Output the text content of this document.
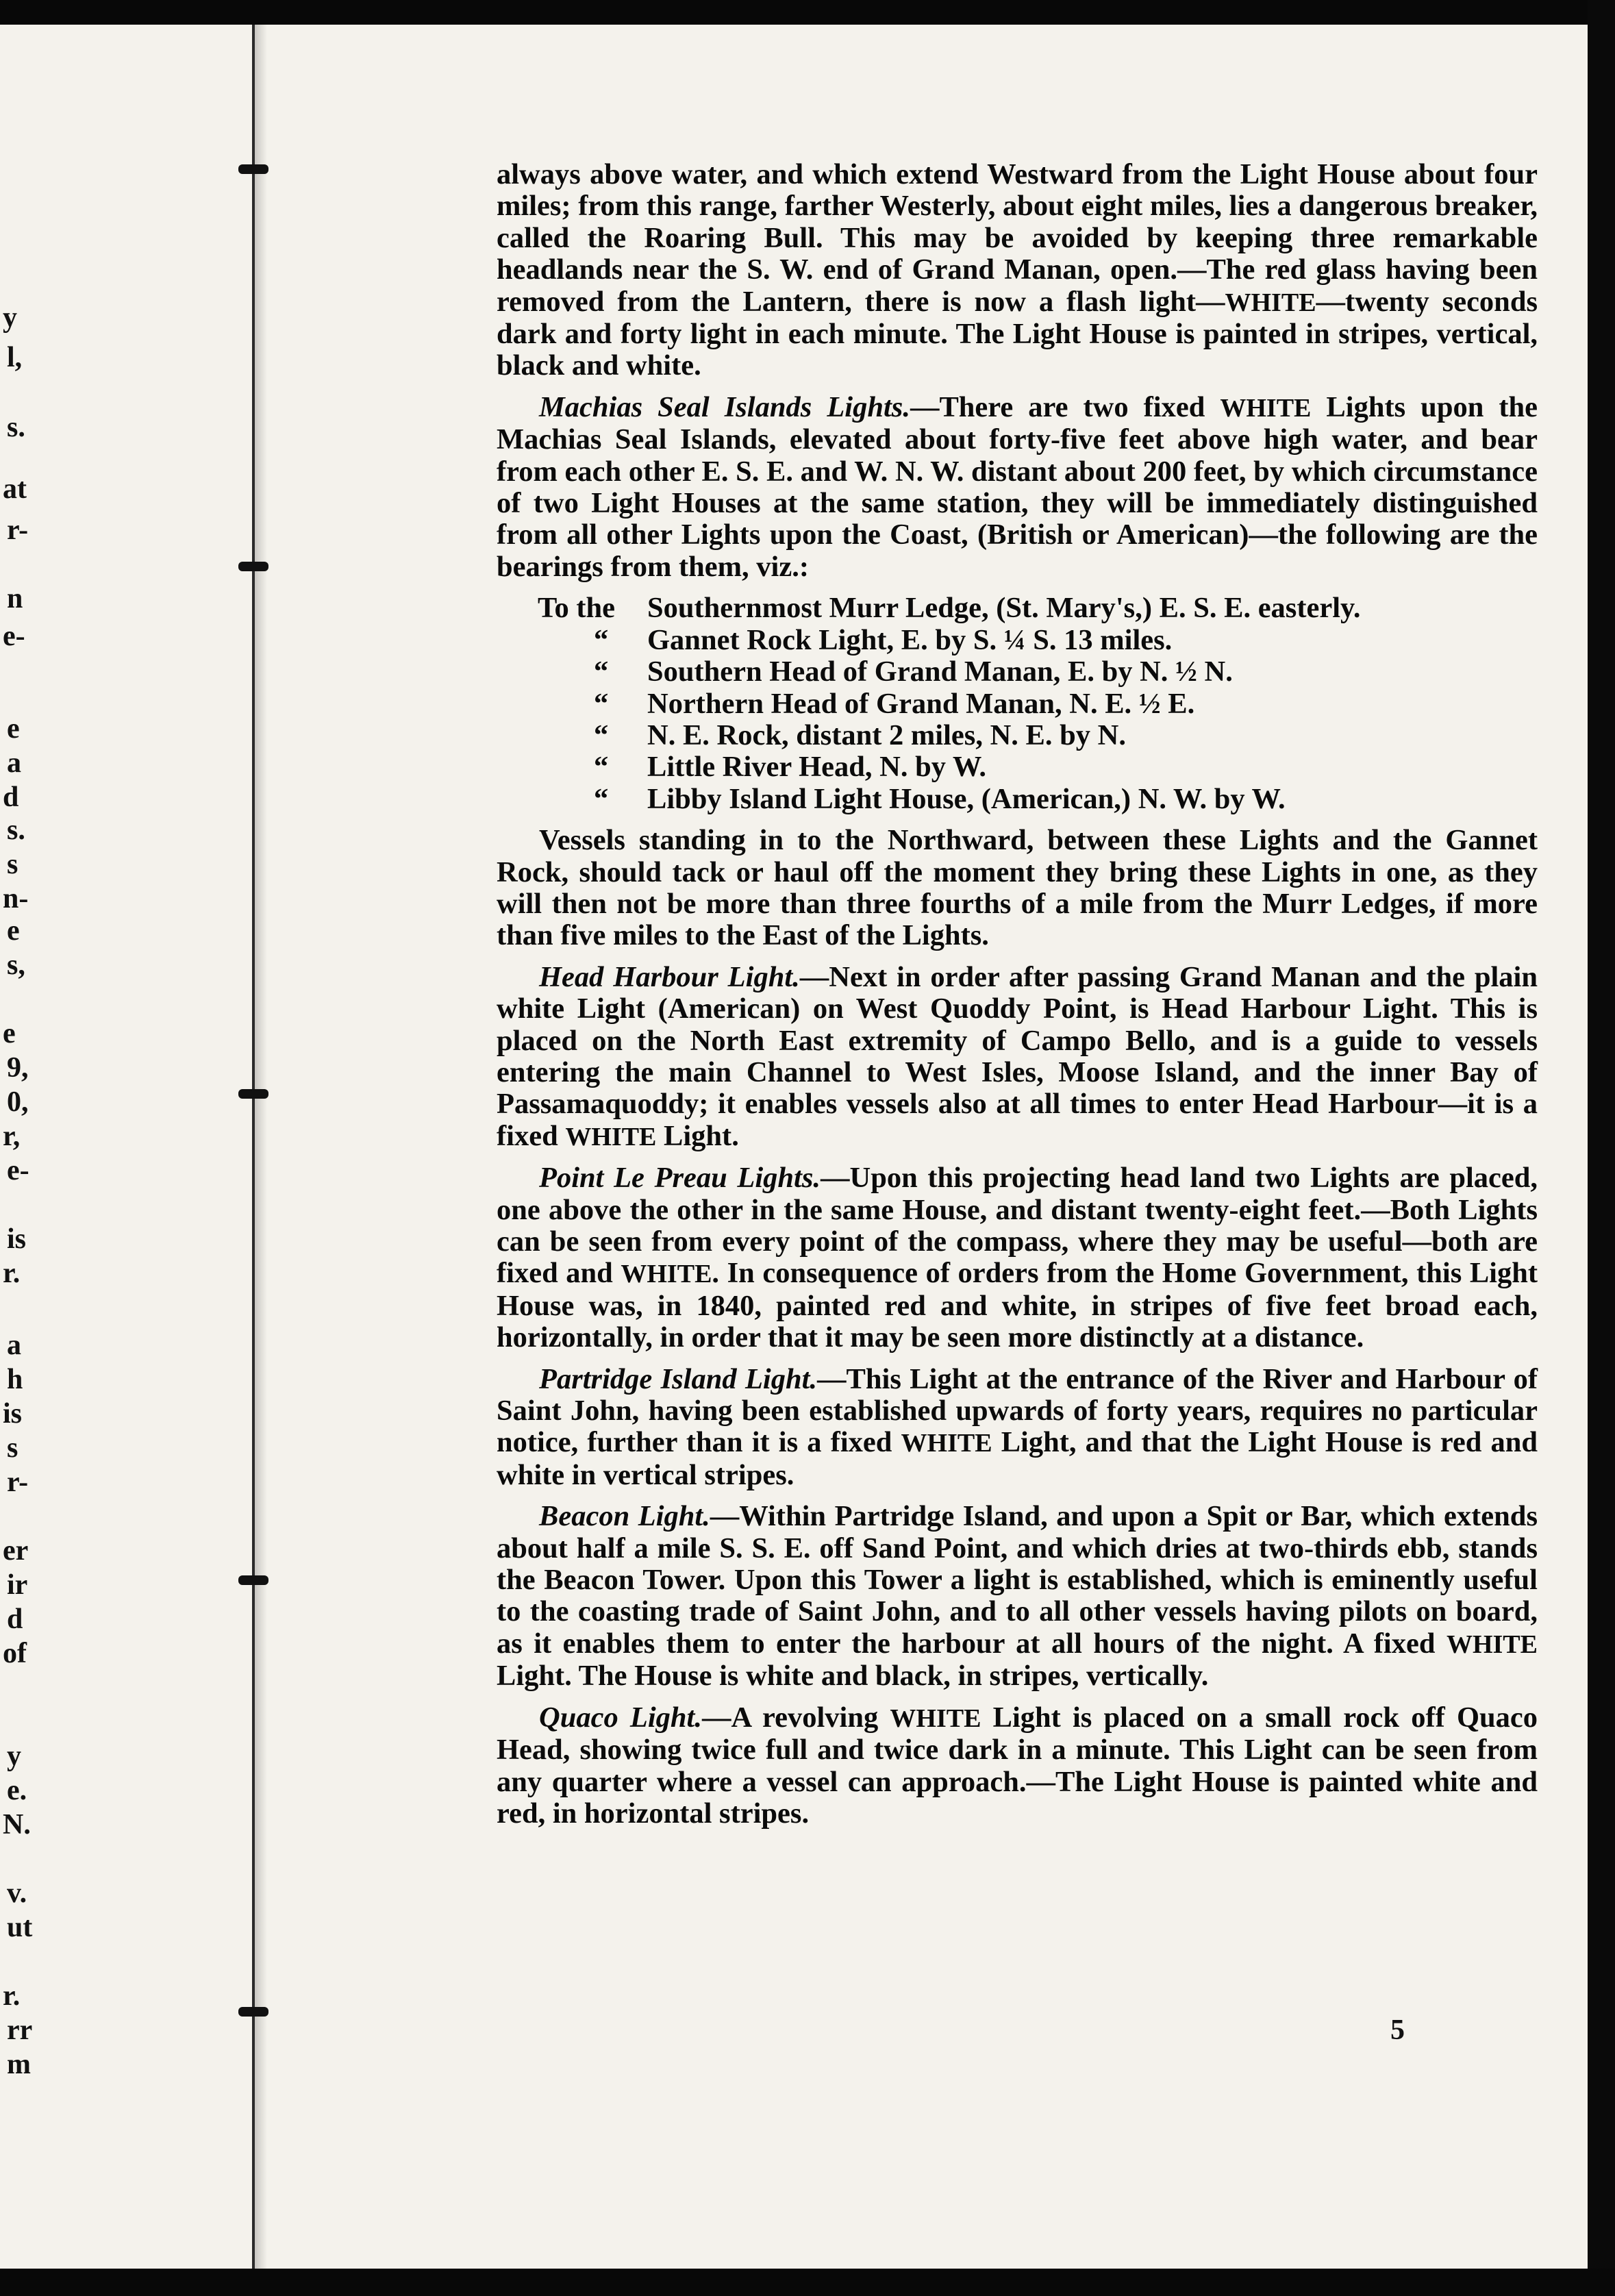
y
l,
s.
at
r-
n
e-
e
a
d
s.
s
n-
e
s,
e
9,
0,
r,
e-
is
r.
a
h
is
s
r-
er
ir
d
of
y
e.
N.
v.
ut
r.
rr
m

always above water, and which extend Westward from the Light House about four miles; from this range, farther Westerly, about eight miles, lies a dangerous breaker, called the Roaring Bull. This may be avoided by keeping three remarkable headlands near the S. W. end of Grand Manan, open.—The red glass having been removed from the Lantern, there is now a flash light—WHITE—twenty seconds dark and forty light in each minute. The Light House is painted in stripes, vertical, black and white.

Machias Seal Islands Lights.—There are two fixed WHITE Lights upon the Machias Seal Islands, elevated about forty-five feet above high water, and bear from each other E. S. E. and W. N. W. distant about 200 feet, by which circumstance of two Light Houses at the same station, they will be immediately distinguished from all other Lights upon the Coast, (British or American)—the following are the bearings from them, viz.:

To the	Southernmost Murr Ledge, (St. Mary's,) E. S. E. easterly.
“	Gannet Rock Light, E. by S. ¼ S. 13 miles.
“	Southern Head of Grand Manan, E. by N. ½ N.
“	Northern Head of Grand Manan, N. E. ½ E.
“	N. E. Rock, distant 2 miles, N. E. by N.
“	Little River Head, N. by W.
“	Libby Island Light House, (American,) N. W. by W.

Vessels standing in to the Northward, between these Lights and the Gannet Rock, should tack or haul off the moment they bring these Lights in one, as they will then not be more than three fourths of a mile from the Murr Ledges, if more than five miles to the East of the Lights.

Head Harbour Light.—Next in order after passing Grand Manan and the plain white Light (American) on West Quoddy Point, is Head Harbour Light. This is placed on the North East extremity of Campo Bello, and is a guide to vessels entering the main Channel to West Isles, Moose Island, and the inner Bay of Passamaquoddy; it enables vessels also at all times to enter Head Harbour—it is a fixed WHITE Light.

Point Le Preau Lights.—Upon this projecting head land two Lights are placed, one above the other in the same House, and distant twenty-eight feet.—Both Lights can be seen from every point of the compass, where they may be useful—both are fixed and WHITE. In consequence of orders from the Home Government, this Light House was, in 1840, painted red and white, in stripes of five feet broad each, horizontally, in order that it may be seen more distinctly at a distance.

Partridge Island Light.—This Light at the entrance of the River and Harbour of Saint John, having been established upwards of forty years, requires no particular notice, further than it is a fixed WHITE Light, and that the Light House is red and white in vertical stripes.

Beacon Light.—Within Partridge Island, and upon a Spit or Bar, which extends about half a mile S. S. E. off Sand Point, and which dries at two-thirds ebb, stands the Beacon Tower. Upon this Tower a light is established, which is eminently useful to the coasting trade of Saint John, and to all other vessels having pilots on board, as it enables them to enter the harbour at all hours of the night. A fixed WHITE Light. The House is white and black, in stripes, vertically.

Quaco Light.—A revolving WHITE Light is placed on a small rock off Quaco Head, showing twice full and twice dark in a minute. This Light can be seen from any quarter where a vessel can approach.—The Light House is painted white and red, in horizontal stripes.

5
